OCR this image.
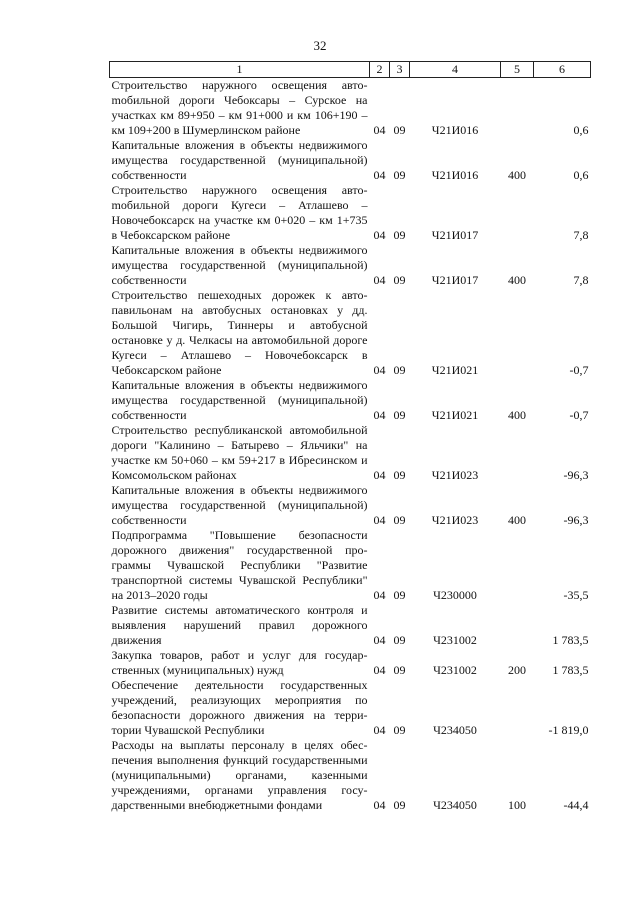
32
1	2	3	4	5	6
Строительство наружного освещения автоmобильной дороги Чебоксары – Сурское на участках км 89+950 – км 91+000 и км 106+190 – км 109+200 в Шумерлинском районе	04	09	Ч21И016		0,6
Капитальные вложения в объекты недвижимого имущества государственной (муниципальной) собственности	04	09	Ч21И016	400	0,6
Строительство наружного освещения автоmобильной дороги Кугеси – Атлашево – Новочебоксарск на участке км 0+020 – км 1+735 в Чебоксарском районе	04	09	Ч21И017		7,8
Капитальные вложения в объекты недвижимого имущества государственной (муниципальной) собственности	04	09	Ч21И017	400	7,8
Строительство пешеходных дорожек к автопавильонам на автобусных остановках у дд. Большой Чигирь, Тиннеры и автобусной остановке у д. Челкасы на автомобильной дороге Кугеси – Атлашево – Новочебоксарск в Чебоксарском районе	04	09	Ч21И021		-0,7
Капитальные вложения в объекты недвижимого имущества государственной (муниципальной) собственности	04	09	Ч21И021	400	-0,7
Строительство республиканской автомобильной дороги "Калинино – Батырево – Яльчики" на участке км 50+060 – км 59+217 в Ибресинском и Комсомольском районах	04	09	Ч21И023		-96,3
Капитальные вложения в объекты недвижимого имущества государственной (муниципальной) собственности	04	09	Ч21И023	400	-96,3
Подпрограмма "Повышение безопасности дорожного движения" государственной программы Чувашской Республики "Развитие транспортной системы Чувашской Республики" на 2013–2020 годы	04	09	Ч230000		-35,5
Развитие системы автоматического контроля и выявления нарушений правил дорожного движения	04	09	Ч231002		1 783,5
Закупка товаров, работ и услуг для государственных (муниципальных) нужд	04	09	Ч231002	200	1 783,5
Обеспечение деятельности государственных учреждений, реализующих мероприятия по безопасности дорожного движения на территории Чувашской Республики	04	09	Ч234050		-1 819,0
Расходы на выплаты персоналу в целях обеспечения выполнения функций государственными (муниципальными) органами, казенными учреждениями, органами управления государственными внебюджетными фондами	04	09	Ч234050	100	-44,4
